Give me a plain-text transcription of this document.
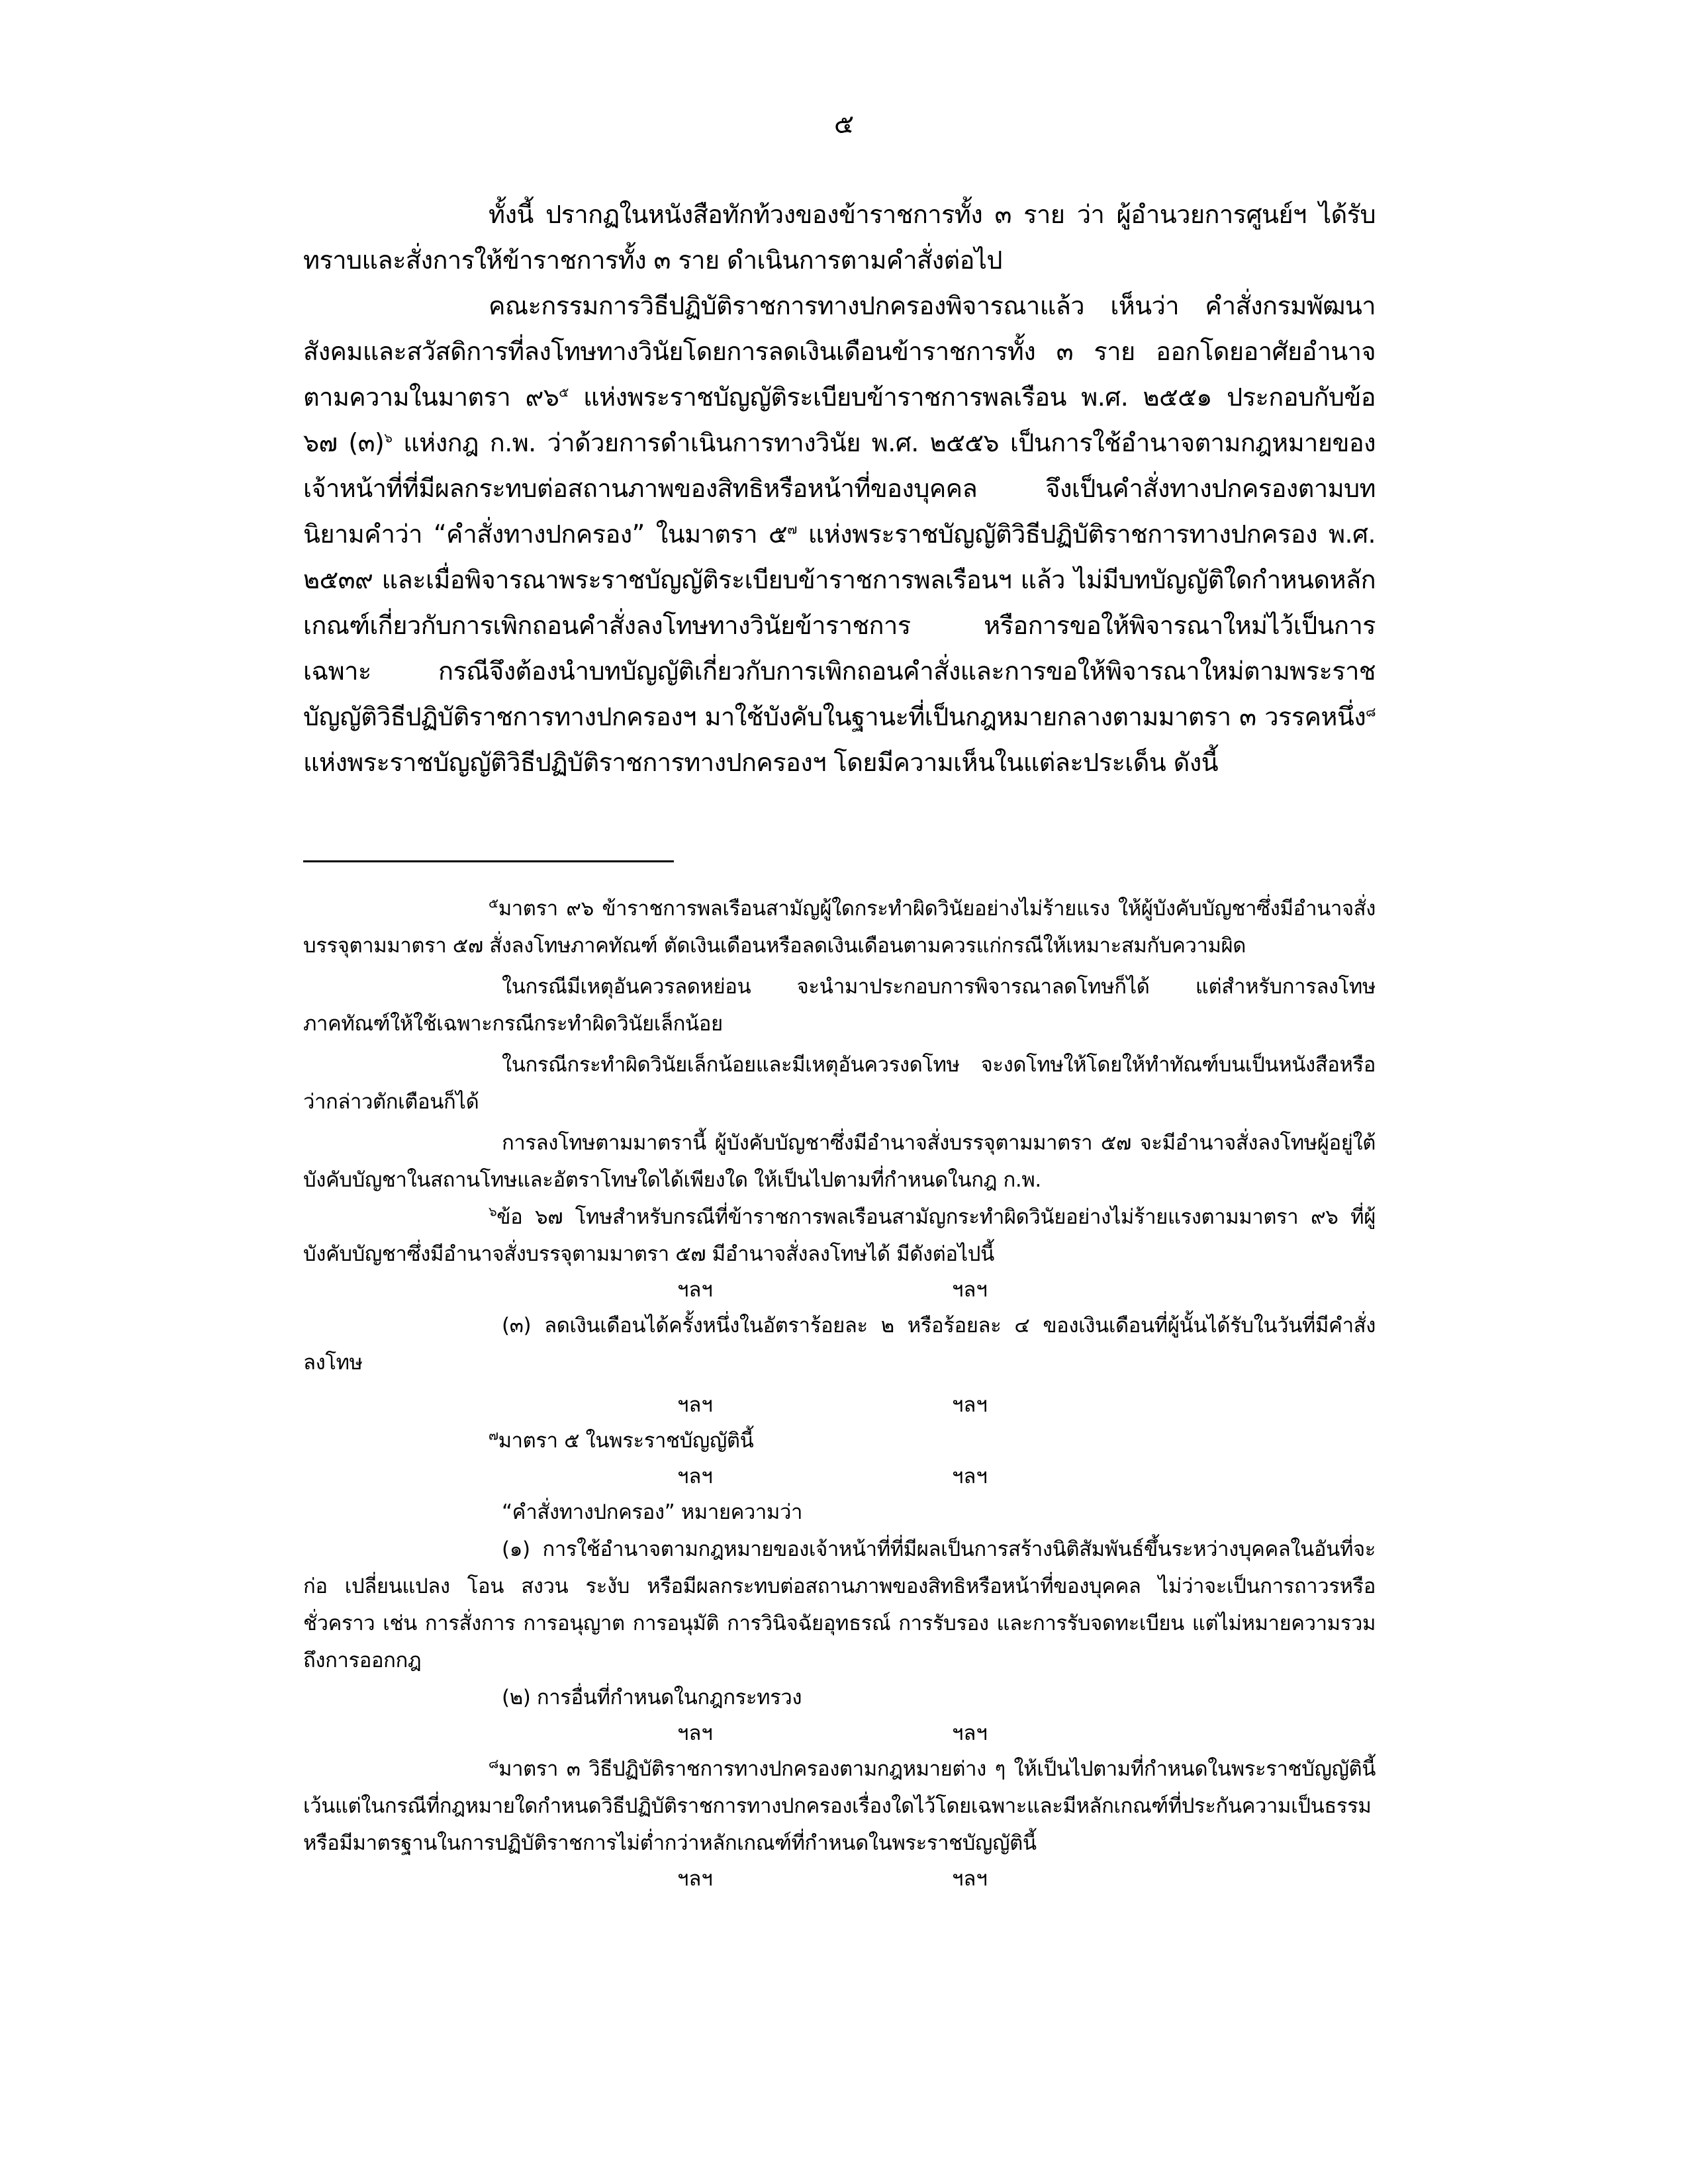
๕

ทั้งนี้ ปรากฏในหนังสือทักท้วงของข้าราชการทั้ง ๓ ราย ว่า ผู้อำนวยการศูนย์ฯ ได้รับทราบและสั่งการให้ข้าราชการทั้ง ๓ ราย ดำเนินการตามคำสั่งต่อไป

คณะกรรมการวิธีปฏิบัติราชการทางปกครองพิจารณาแล้ว เห็นว่า คำสั่งกรมพัฒนาสังคมและสวัสดิการที่ลงโทษทางวินัยโดยการลดเงินเดือนข้าราชการทั้ง ๓ ราย ออกโดยอาศัยอำนาจตามความในมาตรา ๙๖$^๕$ แห่งพระราชบัญญัติระเบียบข้าราชการพลเรือน พ.ศ. ๒๕๕๑ ประกอบกับข้อ ๖๗ (๓)$^๖$ แห่งกฎ ก.พ. ว่าด้วยการดำเนินการทางวินัย พ.ศ. ๒๕๕๖ เป็นการใช้อำนาจตามกฎหมายของเจ้าหน้าที่ที่มีผลกระทบต่อสถานภาพของสิทธิหรือหน้าที่ของบุคคล จึงเป็นคำสั่งทางปกครองตามบทนิยามคำว่า “คำสั่งทางปกครอง” ในมาตรา ๕$^๗$ แห่งพระราชบัญญัติวิธีปฏิบัติราชการทางปกครอง พ.ศ. ๒๕๓๙ และเมื่อพิจารณาพระราชบัญญัติระเบียบข้าราชการพลเรือนฯ แล้ว ไม่มีบทบัญญัติใดกำหนดหลักเกณฑ์เกี่ยวกับการเพิกถอนคำสั่งลงโทษทางวินัยข้าราชการ หรือการขอให้พิจารณาใหม่ไว้เป็นการเฉพาะ กรณีจึงต้องนำบทบัญญัติเกี่ยวกับการเพิกถอนคำสั่งและการขอให้พิจารณาใหม่ตามพระราชบัญญัติวิธีปฏิบัติราชการทางปกครองฯ มาใช้บังคับในฐานะที่เป็นกฎหมายกลางตามมาตรา ๓ วรรคหนึ่ง$^๘$ แห่งพระราชบัญญัติวิธีปฏิบัติราชการทางปกครองฯ โดยมีความเห็นในแต่ละประเด็น ดังนี้

$^๕$มาตรา ๙๖ ข้าราชการพลเรือนสามัญผู้ใดกระทำผิดวินัยอย่างไม่ร้ายแรง ให้ผู้บังคับบัญชาซึ่งมีอำนาจสั่งบรรจุตามมาตรา ๕๗ สั่งลงโทษภาคทัณฑ์ ตัดเงินเดือนหรือลดเงินเดือนตามควรแก่กรณีให้เหมาะสมกับความผิด

ในกรณีมีเหตุอันควรลดหย่อน จะนำมาประกอบการพิจารณาลดโทษก็ได้ แต่สำหรับการลงโทษภาคทัณฑ์ให้ใช้เฉพาะกรณีกระทำผิดวินัยเล็กน้อย

ในกรณีกระทำผิดวินัยเล็กน้อยและมีเหตุอันควรงดโทษ จะงดโทษให้โดยให้ทำทัณฑ์บนเป็นหนังสือหรือว่ากล่าวตักเตือนก็ได้

การลงโทษตามมาตรานี้ ผู้บังคับบัญชาซึ่งมีอำนาจสั่งบรรจุตามมาตรา ๕๗ จะมีอำนาจสั่งลงโทษผู้อยู่ใต้บังคับบัญชาในสถานโทษและอัตราโทษใดได้เพียงใด ให้เป็นไปตามที่กำหนดในกฎ ก.พ.

$^๖$ข้อ ๖๗ โทษสำหรับกรณีที่ข้าราชการพลเรือนสามัญกระทำผิดวินัยอย่างไม่ร้ายแรงตามมาตรา ๙๖ ที่ผู้บังคับบัญชาซึ่งมีอำนาจสั่งบรรจุตามมาตรา ๕๗ มีอำนาจสั่งลงโทษได้ มีดังต่อไปนี้

ฯลฯ	ฯลฯ

(๓) ลดเงินเดือนได้ครั้งหนึ่งในอัตราร้อยละ ๒ หรือร้อยละ ๔ ของเงินเดือนที่ผู้นั้นได้รับในวันที่มีคำสั่งลงโทษ

ฯลฯ	ฯลฯ

$^๗$มาตรา ๕ ในพระราชบัญญัตินี้

ฯลฯ	ฯลฯ

“คำสั่งทางปกครอง” หมายความว่า

(๑) การใช้อำนาจตามกฎหมายของเจ้าหน้าที่ที่มีผลเป็นการสร้างนิติสัมพันธ์ขึ้นระหว่างบุคคลในอันที่จะก่อ เปลี่ยนแปลง โอน สงวน ระงับ หรือมีผลกระทบต่อสถานภาพของสิทธิหรือหน้าที่ของบุคคล ไม่ว่าจะเป็นการถาวรหรือชั่วคราว เช่น การสั่งการ การอนุญาต การอนุมัติ การวินิจฉัยอุทธรณ์ การรับรอง และการรับจดทะเบียน แต่ไม่หมายความรวมถึงการออกกฎ

(๒) การอื่นที่กำหนดในกฎกระทรวง

ฯลฯ	ฯลฯ

$^๘$มาตรา ๓ วิธีปฏิบัติราชการทางปกครองตามกฎหมายต่าง ๆ ให้เป็นไปตามที่กำหนดในพระราชบัญญัตินี้ เว้นแต่ในกรณีที่กฎหมายใดกำหนดวิธีปฏิบัติราชการทางปกครองเรื่องใดไว้โดยเฉพาะและมีหลักเกณฑ์ที่ประกันความเป็นธรรมหรือมีมาตรฐานในการปฏิบัติราชการไม่ต่ำกว่าหลักเกณฑ์ที่กำหนดในพระราชบัญญัตินี้

ฯลฯ	ฯลฯ
